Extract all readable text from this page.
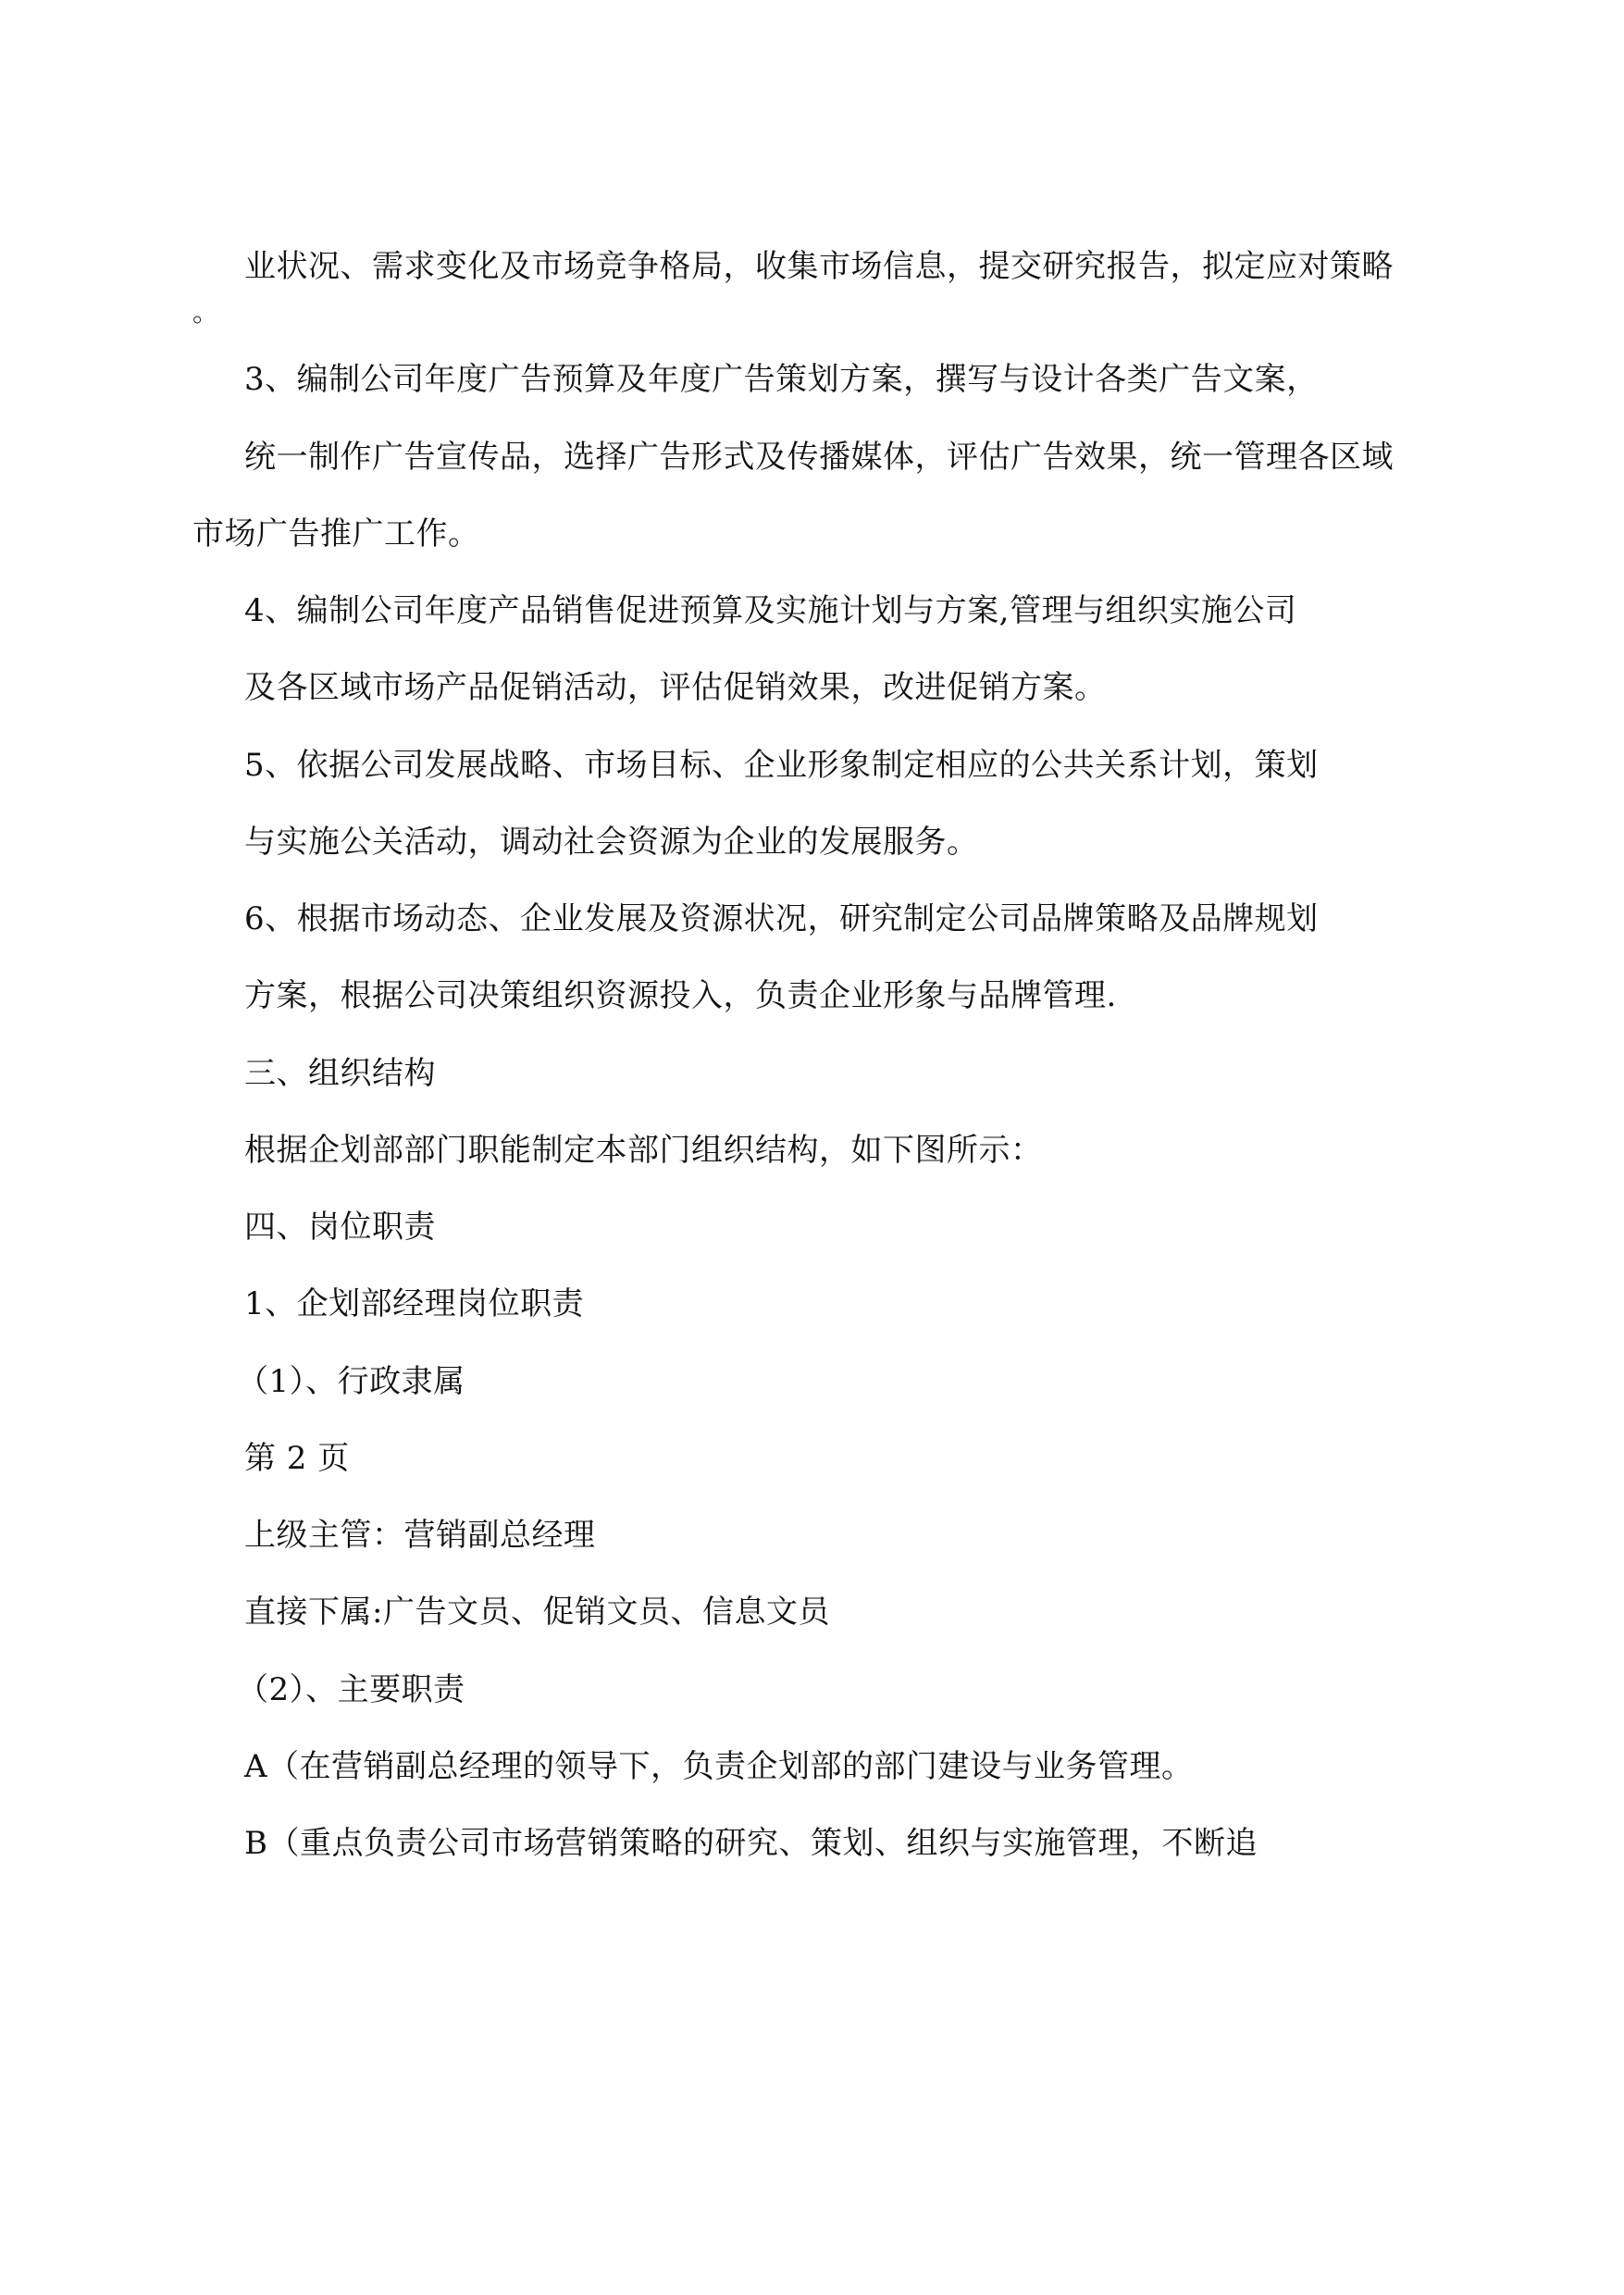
业状况、需求变化及市场竞争格局，收集市场信息，提交研究报告，拟定应对策略
。
3、编制公司年度广告预算及年度广告策划方案，撰写与设计各类广告文案，
统一制作广告宣传品，选择广告形式及传播媒体，评估广告效果，统一管理各区域
市场广告推广工作。
4、编制公司年度产品销售促进预算及实施计划与方案,管理与组织实施公司
及各区域市场产品促销活动，评估促销效果，改进促销方案。
5、依据公司发展战略、市场目标、企业形象制定相应的公共关系计划，策划
与实施公关活动，调动社会资源为企业的发展服务。
6、根据市场动态、企业发展及资源状况，研究制定公司品牌策略及品牌规划
方案，根据公司决策组织资源投入，负责企业形象与品牌管理.
三、组织结构
根据企划部部门职能制定本部门组织结构，如下图所示：
四、岗位职责
1、企划部经理岗位职责
（1）、行政隶属
第 2 页
上级主管：营销副总经理
直接下属:广告文员、促销文员、信息文员
（2）、主要职责
A（在营销副总经理的领导下，负责企划部的部门建设与业务管理。
B（重点负责公司市场营销策略的研究、策划、组织与实施管理，不断追
